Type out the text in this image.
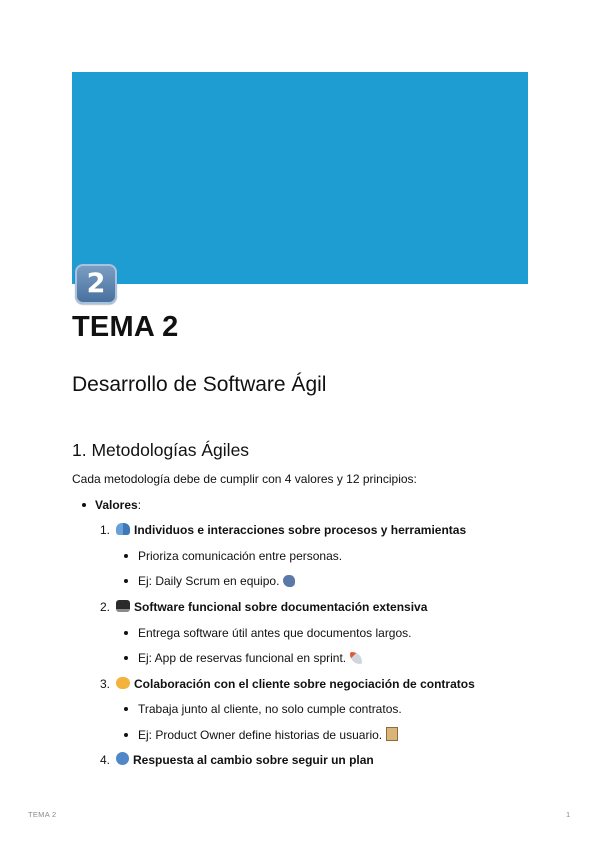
2
TEMA 2
Desarrollo de Software Ágil
1. Metodologías Ágiles

Cada metodología debe de cumplir con 4 valores y 12 principios:

Valores:
1.	Individuos e interacciones sobre procesos y herramientas
Prioriza comunicación entre personas.
Ej: Daily Scrum en equipo.
2.	Software funcional sobre documentación extensiva
Entrega software útil antes que documentos largos.
Ej: App de reservas funcional en sprint.
3.	Colaboración con el cliente sobre negociación de contratos
Trabaja junto al cliente, no solo cumple contratos.
Ej: Product Owner define historias de usuario.
4.	Respuesta al cambio sobre seguir un plan
TEMA 2	1
